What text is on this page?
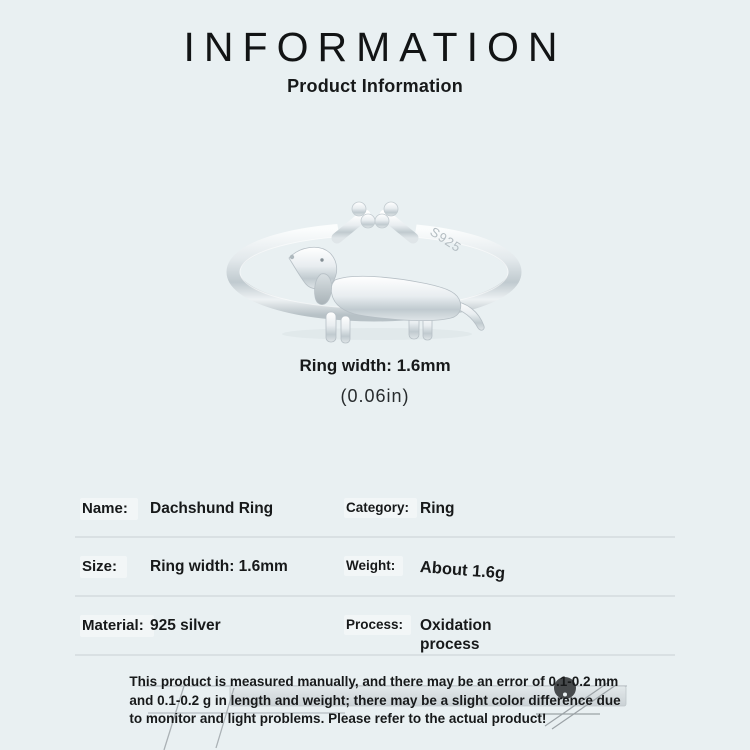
INFORMATION
Product Information
S925
Ring width: 1.6mm
(0.06in)
Name:	Dachshund Ring	Category: Ring
Size:	Ring width: 1.6mm	Weight:	About 1.6g
Material: 925 silver	Process:	Oxidation process
This product is measured manually, and there may be an error of 0.1-0.2 mm
and 0.1-0.2 g in length and weight; there may be a slight color difference due
to monitor and light problems. Please refer to the actual product!
